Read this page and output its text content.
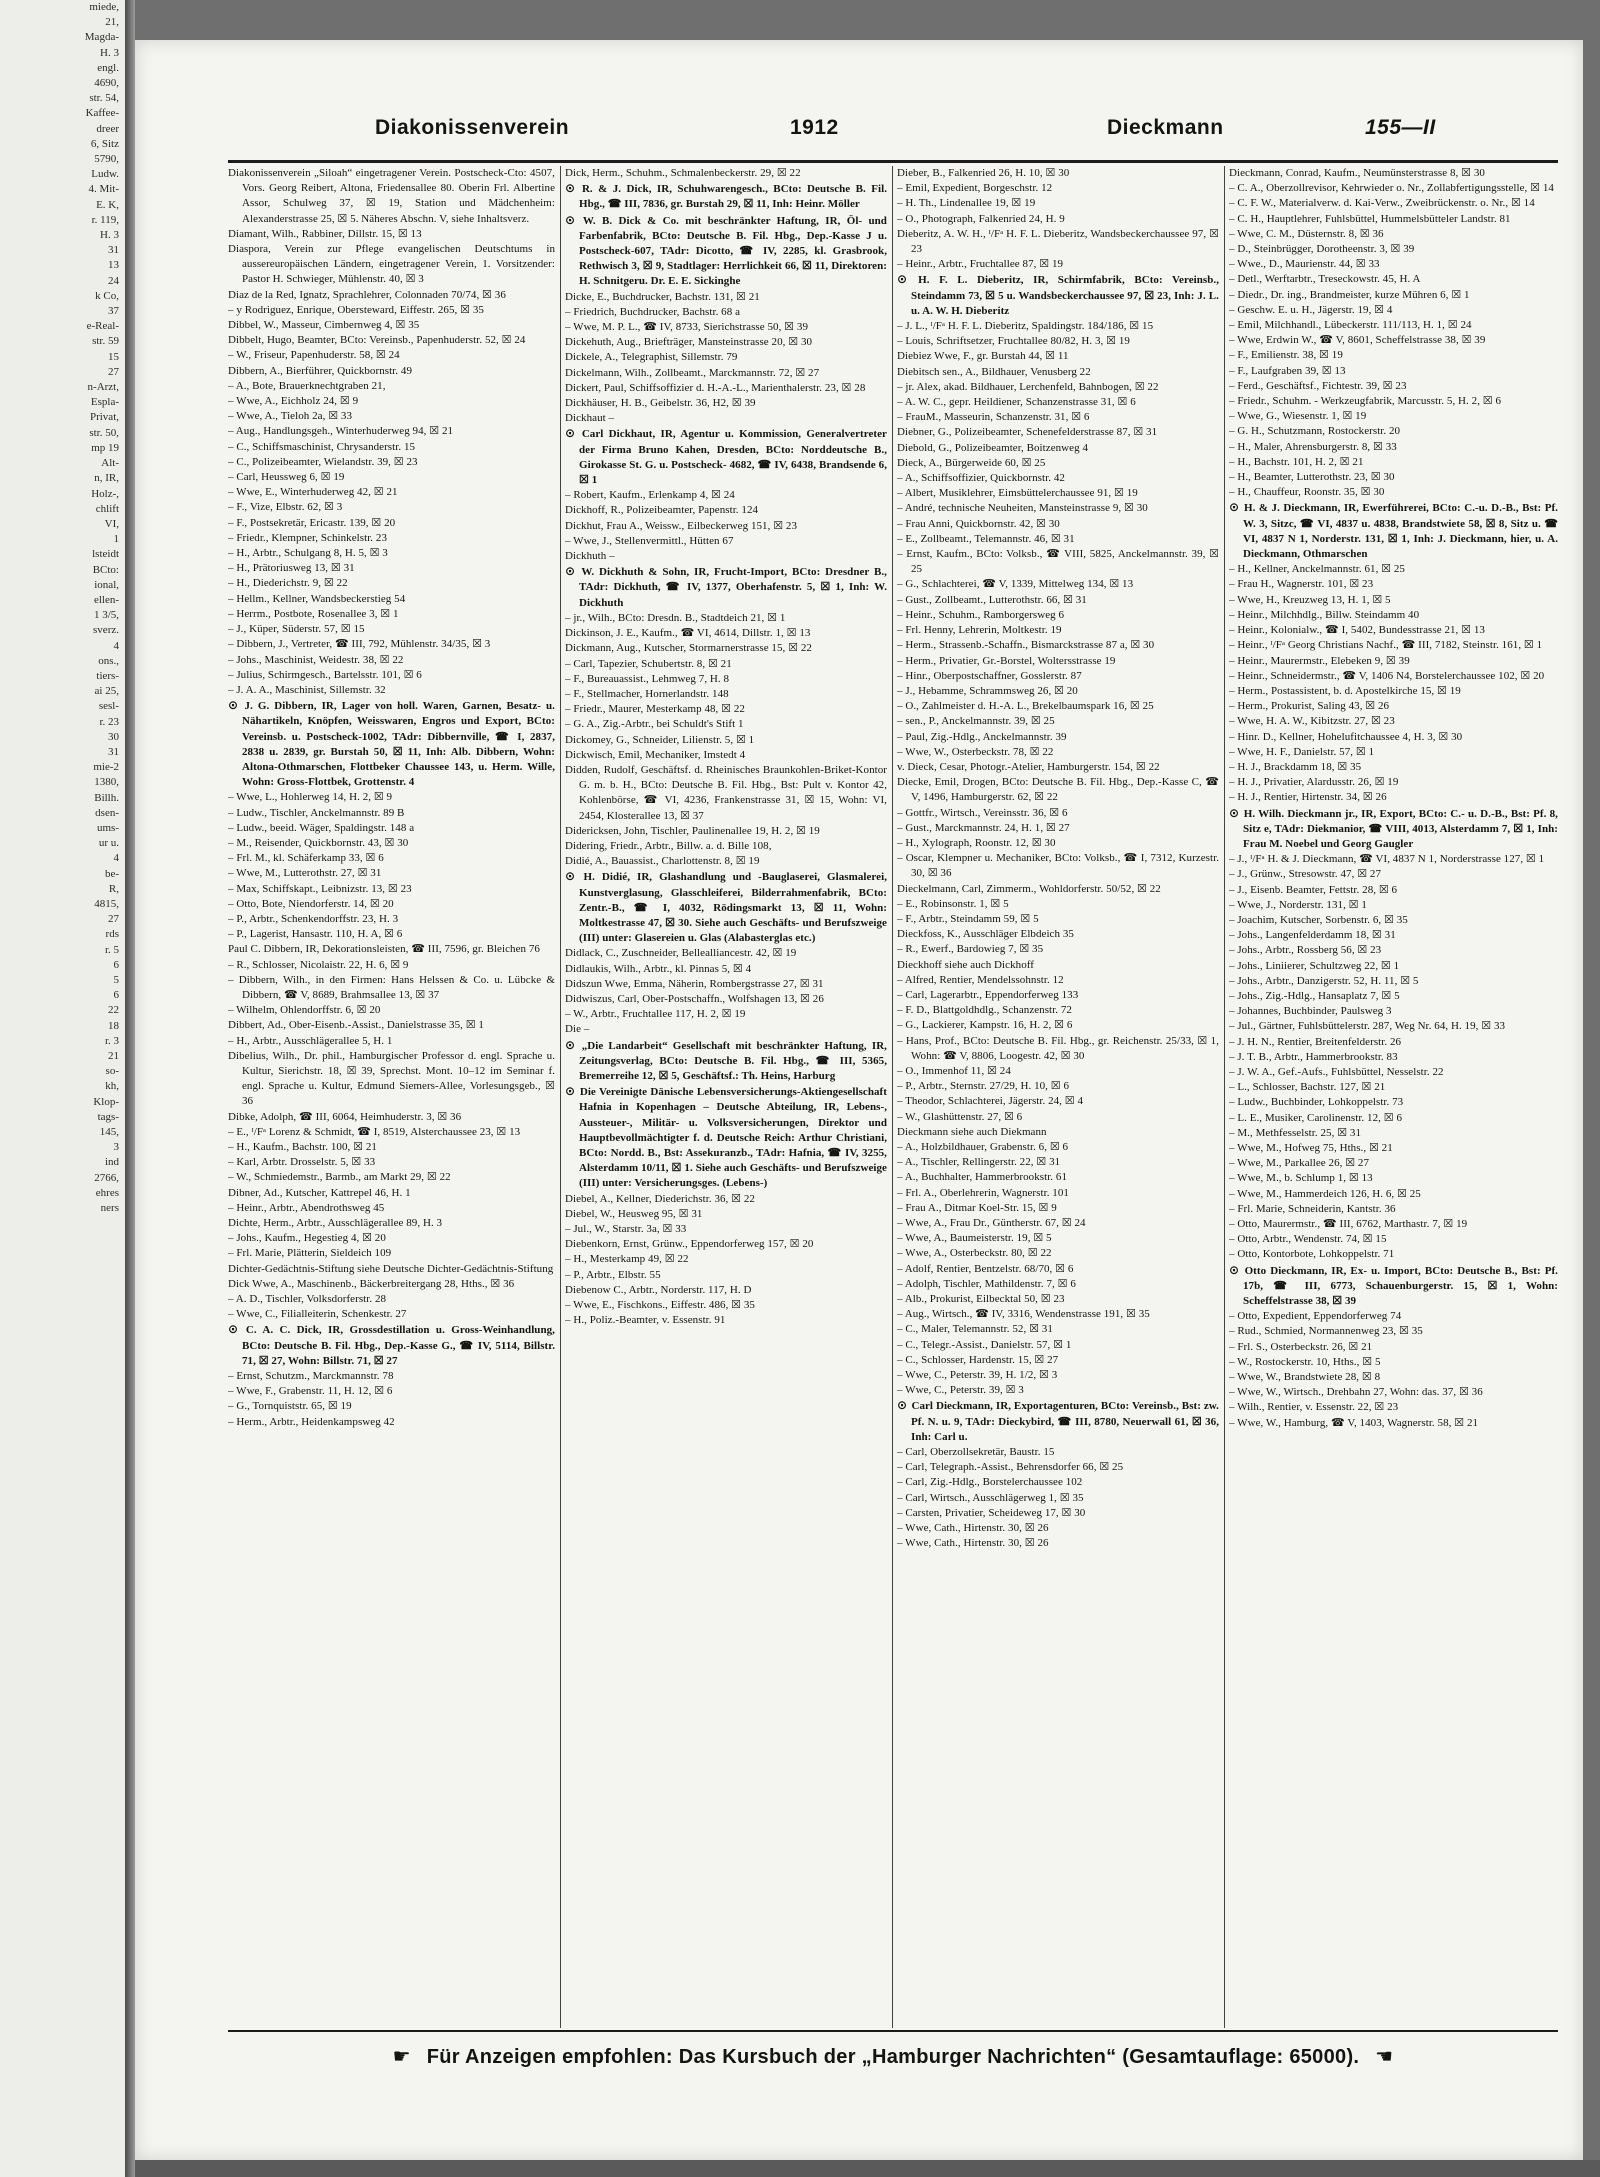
miede,
21,
Magda-
H. 3
engl.
4690,
str. 54,
Kaffee-
dreer
6, Sitz
5790,
Ludw.
4. Mit-
E. K,
r. 119,
H. 3
31
13
24
k Co,
37
e-Real-
str. 59
15
27
n-Arzt,
Espla-
Privat,
str. 50,
mp 19
Alt-
n, IR,
Holz-,
chlift
VI,
1
lsteidt
BCto:
ional,
ellen-
1 3/5,
sverz.
4
ons.,
tiers-
ai 25,
sesl-
r. 23
30
31
mie-2
1380,
Billh.
dsen-
ums-
ur u.
4
be-
R,
4815,
27
rds
r. 5
6
5
6
22
18
r. 3
21
so-
kh,
Klop-
tags-
145,
3
ind
2766,
ehres
ners
Diakonissenverein	1912	Dieckmann	155—II

Diakonissenverein „Siloah“ eingetragener Verein. Postscheck-Cto: 4507, Vors. Georg Reibert, Altona, Friedensallee 80. Oberin Frl. Albertine Assor, Schulweg 37, ☒ 19, Station und Mädchenheim: Alexanderstrasse 25, ☒ 5. Näheres Abschn. V, siehe Inhaltsverz.

Diamant, Wilh., Rabbiner, Dillstr. 15, ☒ 13

Diaspora, Verein zur Pflege evangelischen Deutschtums in aussereuropäischen Ländern, eingetragener Verein, 1. Vorsitzender: Pastor H. Schwieger, Mühlenstr. 40, ☒ 3

Diaz de la Red, Ignatz, Sprachlehrer, Colonnaden 70/74, ☒ 36

– y Rodriguez, Enrique, Obersteward, Eiffestr. 265, ☒ 35

Dibbel, W., Masseur, Cimbernweg 4, ☒ 35

Dibbelt, Hugo, Beamter, BCto: Vereinsb., Papenhuderstr. 52, ☒ 24

– W., Friseur, Papenhuderstr. 58, ☒ 24

Dibbern, A., Bierführer, Quickbornstr. 49

– A., Bote, Brauerknechtgraben 21,

– Wwe, A., Eichholz 24, ☒ 9

– Wwe, A., Tieloh 2a, ☒ 33

– Aug., Handlungsgeh., Winterhuderweg 94, ☒ 21

– C., Schiffsmaschinist, Chrysanderstr. 15

– C., Polizeibeamter, Wielandstr. 39, ☒ 23

– Carl, Heussweg 6, ☒ 19

– Wwe, E., Winterhuderweg 42, ☒ 21

– F., Vize, Elbstr. 62, ☒ 3

– F., Postsekretär, Ericastr. 139, ☒ 20

– Friedr., Klempner, Schinkelstr. 23

– H., Arbtr., Schulgang 8, H. 5, ☒ 3

– H., Prätoriusweg 13, ☒ 31

– H., Diederichstr. 9, ☒ 22

– Hellm., Kellner, Wandsbeckerstieg 54

– Herrm., Postbote, Rosenallee 3, ☒ 1

– J., Küper, Süderstr. 57, ☒ 15

– Dibbern, J., Vertreter, ☎ III, 792, Mühlenstr. 34/35, ☒ 3

– Johs., Maschinist, Weidestr. 38, ☒ 22

– Julius, Schirmgesch., Bartelsstr. 101, ☒ 6

– J. A. A., Maschinist, Sillemstr. 32

⊙ J. G. Dibbern, IR, Lager von holl. Waren, Garnen, Besatz- u. Nähartikeln, Knöpfen, Weisswaren, Engros und Export, BCto: Vereinsb. u. Postscheck-1002, TAdr: Dibbernville, ☎ I, 2837, 2838 u. 2839, gr. Burstah 50, ☒ 11, Inh: Alb. Dibbern, Wohn: Altona-Othmarschen, Flottbeker Chaussee 143, u. Herm. Wille, Wohn: Gross-Flottbek, Grottenstr. 4

– Wwe, L., Hohlerweg 14, H. 2, ☒ 9

– Ludw., Tischler, Anckelmannstr. 89 B

– Ludw., beeid. Wäger, Spaldingstr. 148 a

– M., Reisender, Quickbornstr. 43, ☒ 30

– Frl. M., kl. Schäferkamp 33, ☒ 6

– Wwe, M., Lutterothstr. 27, ☒ 31

– Max, Schiffskapt., Leibnizstr. 13, ☒ 23

– Otto, Bote, Niendorferstr. 14, ☒ 20

– P., Arbtr., Schenkendorffstr. 23, H. 3

– P., Lagerist, Hansastr. 110, H. A, ☒ 6

Paul C. Dibbern, IR, Dekorationsleisten, ☎ III, 7596, gr. Bleichen 76

– R., Schlosser, Nicolaistr. 22, H. 6, ☒ 9

– Dibbern, Wilh., in den Firmen: Hans Helssen & Co. u. Lübcke & Dibbern, ☎ V, 8689, Brahmsallee 13, ☒ 37

– Wilhelm, Ohlendorffstr. 6, ☒ 20

Dibbert, Ad., Ober-Eisenb.-Assist., Danielstrasse 35, ☒ 1

– H., Arbtr., Ausschlägerallee 5, H. 1

Dibelius, Wilh., Dr. phil., Hamburgischer Professor d. engl. Sprache u. Kultur, Sierichstr. 18, ☒ 39, Sprechst. Mont. 10–12 im Seminar f. engl. Sprache u. Kultur, Edmund Siemers-Allee, Vorlesungsgeb., ☒ 36

Dibke, Adolph, ☎ III, 6064, Heimhuderstr. 3, ☒ 36

– E., ᴵ/Fᵃ Lorenz & Schmidt, ☎ I, 8519, Alsterchaussee 23, ☒ 13

– H., Kaufm., Bachstr. 100, ☒ 21

– Karl, Arbtr. Drosselstr. 5, ☒ 33

– W., Schmiedemstr., Barmb., am Markt 29, ☒ 22

Dibner, Ad., Kutscher, Kattrepel 46, H. 1

– Heinr., Arbtr., Abendrothsweg 45

Dichte, Herm., Arbtr., Ausschlägerallee 89, H. 3

– Johs., Kaufm., Hegestieg 4, ☒ 20

– Frl. Marie, Plätterin, Sieldeich 109

Dichter-Gedächtnis-Stiftung siehe Deutsche Dichter-Gedächtnis-Stiftung

Dick Wwe, A., Maschinenb., Bäckerbreitergang 28, Hths., ☒ 36

– A. D., Tischler, Volksdorferstr. 28

– Wwe, C., Filialleiterin, Schenkestr. 27

⊙ C. A. C. Dick, IR, Grossdestillation u. Gross-Weinhandlung, BCto: Deutsche B. Fil. Hbg., Dep.-Kasse G., ☎ IV, 5114, Billstr. 71, ☒ 27, Wohn: Billstr. 71, ☒ 27

– Ernst, Schutzm., Marckmannstr. 78

– Wwe, F., Grabenstr. 11, H. 12, ☒ 6

– G., Tornquiststr. 65, ☒ 19

– Herm., Arbtr., Heidenkampsweg 42

Dick, Herm., Schuhm., Schmalenbeckerstr. 29, ☒ 22

⊙ R. & J. Dick, IR, Schuhwarengesch., BCto: Deutsche B. Fil. Hbg., ☎ III, 7836, gr. Burstah 29, ☒ 11, Inh: Heinr. Möller

⊙ W. B. Dick & Co. mit beschränkter Haftung, IR, Öl- und Farbenfabrik, BCto: Deutsche B. Fil. Hbg., Dep.-Kasse J u. Postscheck-607, TAdr: Dicotto, ☎ IV, 2285, kl. Grasbrook, Rethwisch 3, ☒ 9, Stadtlager: Herrlichkeit 66, ☒ 11, Direktoren: H. Schnitgeru. Dr. E. E. Sickinghe

Dicke, E., Buchdrucker, Bachstr. 131, ☒ 21

– Friedrich, Buchdrucker, Bachstr. 68 a

– Wwe, M. P. L., ☎ IV, 8733, Sierichstrasse 50, ☒ 39

Dickehuth, Aug., Briefträger, Mansteinstrasse 20, ☒ 30

Dickele, A., Telegraphist, Sillemstr. 79

Dickelmann, Wilh., Zollbeamt., Marckmannstr. 72, ☒ 27

Dickert, Paul, Schiffsoffizier d. H.-A.-L., Marienthalerstr. 23, ☒ 28

Dickhäuser, H. B., Geibelstr. 36, H2, ☒ 39

Dickhaut –

⊙ Carl Dickhaut, IR, Agentur u. Kommission, Generalvertreter der Firma Bruno Kahen, Dresden, BCto: Norddeutsche B., Girokasse St. G. u. Postscheck- 4682, ☎ IV, 6438, Brandsende 6, ☒ 1

– Robert, Kaufm., Erlenkamp 4, ☒ 24

Dickhoff, R., Polizeibeamter, Papenstr. 124

Dickhut, Frau A., Weissw., Eilbeckerweg 151, ☒ 23

– Wwe, J., Stellenvermittl., Hütten 67

Dickhuth –

⊙ W. Dickhuth & Sohn, IR, Frucht-Import, BCto: Dresdner B., TAdr: Dickhuth, ☎ IV, 1377, Oberhafenstr. 5, ☒ 1, Inh: W. Dickhuth

– jr., Wilh., BCto: Dresdn. B., Stadtdeich 21, ☒ 1

Dickinson, J. E., Kaufm., ☎ VI, 4614, Dillstr. 1, ☒ 13

Dickmann, Aug., Kutscher, Stormarnerstrasse 15, ☒ 22

– Carl, Tapezier, Schubertstr. 8, ☒ 21

– F., Bureauassist., Lehmweg 7, H. 8

– F., Stellmacher, Hornerlandstr. 148

– Friedr., Maurer, Mesterkamp 48, ☒ 22

– G. A., Zig.-Arbtr., bei Schuldt's Stift 1

Dickomey, G., Schneider, Lilienstr. 5, ☒ 1

Dickwisch, Emil, Mechaniker, Imstedt 4

Didden, Rudolf, Geschäftsf. d. Rheinisches Braunkohlen-Briket-Kontor G. m. b. H., BCto: Deutsche B. Fil. Hbg., Bst: Pult v. Kontor 42, Kohlenbörse, ☎ VI, 4236, Frankenstrasse 31, ☒ 15, Wohn: VI, 2454, Klosterallee 13, ☒ 37

Didericksen, John, Tischler, Paulinenallee 19, H. 2, ☒ 19

Didering, Friedr., Arbtr., Billw. a. d. Bille 108,

Didié, A., Bauassist., Charlottenstr. 8, ☒ 19

⊙ H. Didié, IR, Glashandlung und -Bauglaserei, Glasmalerei, Kunstverglasung, Glasschleiferei, Bilderrahmenfabrik, BCto: Zentr.-B., ☎ I, 4032, Rödingsmarkt 13, ☒ 11, Wohn: Moltkestrasse 47, ☒ 30. Siehe auch Geschäfts- und Berufszweige (III) unter: Glasereien u. Glas (Alabasterglas etc.)

Didlack, C., Zuschneider, Bellealliancestr. 42, ☒ 19

Didlaukis, Wilh., Arbtr., kl. Pinnas 5, ☒ 4

Didszun Wwe, Emma, Näherin, Rombergstrasse 27, ☒ 31

Didwiszus, Carl, Ober-Postschaffn., Wolfshagen 13, ☒ 26

– W., Arbtr., Fruchtallee 117, H. 2, ☒ 19

Die –

⊙ „Die Landarbeit“ Gesellschaft mit beschränkter Haftung, IR, Zeitungsverlag, BCto: Deutsche B. Fil. Hbg., ☎ III, 5365, Bremerreihe 12, ☒ 5, Geschäftsf.: Th. Heins, Harburg

⊙ Die Vereinigte Dänische Lebensversicherungs-Aktiengesellschaft Hafnia in Kopenhagen – Deutsche Abteilung, IR, Lebens-, Aussteuer-, Militär- u. Volksversicherungen, Direktor und Hauptbevollmächtigter f. d. Deutsche Reich: Arthur Christiani, BCto: Nordd. B., Bst: Assekuranzb., TAdr: Hafnia, ☎ IV, 3255, Alsterdamm 10/11, ☒ 1. Siehe auch Geschäfts- und Berufszweige (III) unter: Versicherungsges. (Lebens-)

Diebel, A., Kellner, Diederichstr. 36, ☒ 22

Diebel, W., Heusweg 95, ☒ 31

– Jul., W., Starstr. 3a, ☒ 33

Diebenkorn, Ernst, Grünw., Eppendorferweg 157, ☒ 20

– H., Mesterkamp 49, ☒ 22

– P., Arbtr., Elbstr. 55

Diebenow C., Arbtr., Norderstr. 117, H. D

– Wwe, E., Fischkons., Eiffestr. 486, ☒ 35

– H., Poliz.-Beamter, v. Essenstr. 91

Dieber, B., Falkenried 26, H. 10, ☒ 30

– Emil, Expedient, Borgeschstr. 12

– H. Th., Lindenallee 19, ☒ 19

– O., Photograph, Falkenried 24, H. 9

Dieberitz, A. W. H., ᴵ/Fᵃ H. F. L. Dieberitz, Wandsbeckerchaussee 97, ☒ 23

– Heinr., Arbtr., Fruchtallee 87, ☒ 19

⊙ H. F. L. Dieberitz, IR, Schirmfabrik, BCto: Vereinsb., Steindamm 73, ☒ 5 u. Wandsbeckerchaussee 97, ☒ 23, Inh: J. L. u. A. W. H. Dieberitz

– J. L., ᴵ/Fᵃ H. F. L. Dieberitz, Spaldingstr. 184/186, ☒ 15

– Louis, Schriftsetzer, Fruchtallee 80/82, H. 3, ☒ 19

Diebiez Wwe, F., gr. Burstah 44, ☒ 11

Diebitsch sen., A., Bildhauer, Venusberg 22

– jr. Alex, akad. Bildhauer, Lerchenfeld, Bahnbogen, ☒ 22

– A. W. C., gepr. Heildiener, Schanzenstrasse 31, ☒ 6

– FrauM., Masseurin, Schanzenstr. 31, ☒ 6

Diebner, G., Polizeibeamter, Schenefelderstrasse 87, ☒ 31

Diebold, G., Polizeibeamter, Boitzenweg 4

Dieck, A., Bürgerweide 60, ☒ 25

– A., Schiffsoffizier, Quickbornstr. 42

– Albert, Musiklehrer, Eimsbüttelerchaussee 91, ☒ 19

– André, technische Neuheiten, Mansteinstrasse 9, ☒ 30

– Frau Anni, Quickbornstr. 42, ☒ 30

– E., Zollbeamt., Telemannstr. 46, ☒ 31

– Ernst, Kaufm., BCto: Volksb., ☎ VIII, 5825, Anckelmannstr. 39, ☒ 25

– G., Schlachterei, ☎ V, 1339, Mittelweg 134, ☒ 13

– Gust., Zollbeamt., Lutterothstr. 66, ☒ 31

– Heinr., Schuhm., Ramborgersweg 6

– Frl. Henny, Lehrerin, Moltkestr. 19

– Herm., Strassenb.-Schaffn., Bismarckstrasse 87 a, ☒ 30

– Herm., Privatier, Gr.-Borstel, Woltersstrasse 19

– Hinr., Oberpostschaffner, Gosslerstr. 87

– J., Hebamme, Schrammsweg 26, ☒ 20

– O., Zahlmeister d. H.-A. L., Brekelbaumspark 16, ☒ 25

– sen., P., Anckelmannstr. 39, ☒ 25

– Paul, Zig.-Hdlg., Anckelmannstr. 39

– Wwe, W., Osterbeckstr. 78, ☒ 22

v. Dieck, Cesar, Photogr.-Atelier, Hamburgerstr. 154, ☒ 22

Diecke, Emil, Drogen, BCto: Deutsche B. Fil. Hbg., Dep.-Kasse C, ☎ V, 1496, Hamburgerstr. 62, ☒ 22

– Gottfr., Wirtsch., Vereinsstr. 36, ☒ 6

– Gust., Marckmannstr. 24, H. 1, ☒ 27

– H., Xylograph, Roonstr. 12, ☒ 30

– Oscar, Klempner u. Mechaniker, BCto: Volksb., ☎ I, 7312, Kurzestr. 30, ☒ 36

Dieckelmann, Carl, Zimmerm., Wohldorferstr. 50/52, ☒ 22

– E., Robinsonstr. 1, ☒ 5

– F., Arbtr., Steindamm 59, ☒ 5

Dieckfoss, K., Ausschläger Elbdeich 35

– R., Ewerf., Bardowieg 7, ☒ 35

Dieckhoff siehe auch Dickhoff

– Alfred, Rentier, Mendelssohnstr. 12

– Carl, Lagerarbtr., Eppendorferweg 133

– F. D., Blattgoldhdlg., Schanzenstr. 72

– G., Lackierer, Kampstr. 16, H. 2, ☒ 6

– Hans, Prof., BCto: Deutsche B. Fil. Hbg., gr. Reichenstr. 25/33, ☒ 1, Wohn: ☎ V, 8806, Loogestr. 42, ☒ 30

– O., Immenhof 11, ☒ 24

– P., Arbtr., Sternstr. 27/29, H. 10, ☒ 6

– Theodor, Schlachterei, Jägerstr. 24, ☒ 4

– W., Glashüttenstr. 27, ☒ 6

Dieckmann siehe auch Diekmann

– A., Holzbildhauer, Grabenstr. 6, ☒ 6

– A., Tischler, Rellingerstr. 22, ☒ 31

– A., Buchhalter, Hammerbrookstr. 61

– Frl. A., Oberlehrerin, Wagnerstr. 101

– Frau A., Ditmar Koel-Str. 15, ☒ 9

– Wwe, A., Frau Dr., Güntherstr. 67, ☒ 24

– Wwe, A., Baumeisterstr. 19, ☒ 5

– Wwe, A., Osterbeckstr. 80, ☒ 22

– Adolf, Rentier, Bentzelstr. 68/70, ☒ 6

– Adolph, Tischler, Mathildenstr. 7, ☒ 6

– Alb., Prokurist, Eilbecktal 50, ☒ 23

– Aug., Wirtsch., ☎ IV, 3316, Wendenstrasse 191, ☒ 35

– C., Maler, Telemannstr. 52, ☒ 31

– C., Telegr.-Assist., Danielstr. 57, ☒ 1

– C., Schlosser, Hardenstr. 15, ☒ 27

– Wwe, C., Peterstr. 39, H. 1/2, ☒ 3

– Wwe, C., Peterstr. 39, ☒ 3

⊙ Carl Dieckmann, IR, Exportagenturen, BCto: Vereinsb., Bst: zw. Pf. N. u. 9, TAdr: Dieckybird, ☎ III, 8780, Neuerwall 61, ☒ 36, Inh: Carl u.

– Carl, Oberzollsekretär, Baustr. 15

– Carl, Telegraph.-Assist., Behrensdorfer 66, ☒ 25

– Carl, Zig.-Hdlg., Borstelerchaussee 102

– Carl, Wirtsch., Ausschlägerweg 1, ☒ 35

– Carsten, Privatier, Scheideweg 17, ☒ 30

– Wwe, Cath., Hirtenstr. 30, ☒ 26

– Wwe, Cath., Hirtenstr. 30, ☒ 26

Dieckmann, Conrad, Kaufm., Neumünsterstrasse 8, ☒ 30

– C. A., Oberzollrevisor, Kehrwieder o. Nr., Zollabfertigungsstelle, ☒ 14

– C. F. W., Materialverw. d. Kai-Verw., Zweibrückenstr. o. Nr., ☒ 14

– C. H., Hauptlehrer, Fuhlsbüttel, Hummelsbütteler Landstr. 81

– Wwe, C. M., Düsternstr. 8, ☒ 36

– D., Steinbrügger, Dorotheenstr. 3, ☒ 39

– Wwe., D., Maurienstr. 44, ☒ 33

– Detl., Werftarbtr., Treseckowstr. 45, H. A

– Diedr., Dr. ing., Brandmeister, kurze Mühren 6, ☒ 1

– Geschw. E. u. H., Jägerstr. 19, ☒ 4

– Emil, Milchhandl., Lübeckerstr. 111/113, H. 1, ☒ 24

– Wwe, Erdwin W., ☎ V, 8601, Scheffelstrasse 38, ☒ 39

– F., Emilienstr. 38, ☒ 19

– F., Laufgraben 39, ☒ 13

– Ferd., Geschäftsf., Fichtestr. 39, ☒ 23

– Friedr., Schuhm. - Werkzeugfabrik, Marcusstr. 5, H. 2, ☒ 6

– Wwe, G., Wiesenstr. 1, ☒ 19

– G. H., Schutzmann, Rostockerstr. 20

– H., Maler, Ahrensburgerstr. 8, ☒ 33

– H., Bachstr. 101, H. 2, ☒ 21

– H., Beamter, Lutterothstr. 23, ☒ 30

– H., Chauffeur, Roonstr. 35, ☒ 30

⊙ H. & J. Dieckmann, IR, Ewerführerei, BCto: C.-u. D.-B., Bst: Pf. W. 3, Sitzc, ☎ VI, 4837 u. 4838, Brandstwiete 58, ☒ 8, Sitz u. ☎ VI, 4837 N 1, Norderstr. 131, ☒ 1, Inh: J. Dieckmann, hier, u. A. Dieckmann, Othmarschen

– H., Kellner, Anckelmannstr. 61, ☒ 25

– Frau H., Wagnerstr. 101, ☒ 23

– Wwe, H., Kreuzweg 13, H. 1, ☒ 5

– Heinr., Milchhdlg., Billw. Steindamm 40

– Heinr., Kolonialw., ☎ I, 5402, Bundesstrasse 21, ☒ 13

– Heinr., ᴵ/Fᵃ Georg Christians Nachf., ☎ III, 7182, Steinstr. 161, ☒ 1

– Heinr., Maurermstr., Elebeken 9, ☒ 39

– Heinr., Schneidermstr., ☎ V, 1406 N4, Borstelerchaussee 102, ☒ 20

– Herm., Postassistent, b. d. Apostelkirche 15, ☒ 19

– Herm., Prokurist, Saling 43, ☒ 26

– Wwe, H. A. W., Kibitzstr. 27, ☒ 23

– Hinr. D., Kellner, Hohelufitchaussee 4, H. 3, ☒ 30

– Wwe, H. F., Danielstr. 57, ☒ 1

– H. J., Brackdamm 18, ☒ 35

– H. J., Privatier, Alardusstr. 26, ☒ 19

– H. J., Rentier, Hirtenstr. 34, ☒ 26

⊙ H. Wilh. Dieckmann jr., IR, Export, BCto: C.- u. D.-B., Bst: Pf. 8, Sitz e, TAdr: Diekmanior, ☎ VIII, 4013, Alsterdamm 7, ☒ 1, Inh: Frau M. Noebel und Georg Gaugler

– J., ᴵ/Fᵃ H. & J. Dieckmann, ☎ VI, 4837 N 1, Norderstrasse 127, ☒ 1

– J., Grünw., Stresowstr. 47, ☒ 27

– J., Eisenb. Beamter, Fettstr. 28, ☒ 6

– Wwe, J., Norderstr. 131, ☒ 1

– Joachim, Kutscher, Sorbenstr. 6, ☒ 35

– Johs., Langenfelderdamm 18, ☒ 31

– Johs., Arbtr., Rossberg 56, ☒ 23

– Johs., Liniierer, Schultzweg 22, ☒ 1

– Johs., Arbtr., Danzigerstr. 52, H. 11, ☒ 5

– Johs., Zig.-Hdlg., Hansaplatz 7, ☒ 5

– Johannes, Buchbinder, Paulsweg 3

– Jul., Gärtner, Fuhlsbüttelerstr. 287, Weg Nr. 64, H. 19, ☒ 33

– J. H. N., Rentier, Breitenfelderstr. 26

– J. T. B., Arbtr., Hammerbrookstr. 83

– J. W. A., Gef.-Aufs., Fuhlsbüttel, Nesselstr. 22

– L., Schlosser, Bachstr. 127, ☒ 21

– Ludw., Buchbinder, Lohkoppelstr. 73

– L. E., Musiker, Carolinenstr. 12, ☒ 6

– M., Methfesselstr. 25, ☒ 31

– Wwe, M., Hofweg 75, Hths., ☒ 21

– Wwe, M., Parkallee 26, ☒ 27

– Wwe, M., b. Schlump 1, ☒ 13

– Wwe, M., Hammerdeich 126, H. 6, ☒ 25

– Frl. Marie, Schneiderin, Kantstr. 36

– Otto, Maurermstr., ☎ III, 6762, Marthastr. 7, ☒ 19

– Otto, Arbtr., Wendenstr. 74, ☒ 15

– Otto, Kontorbote, Lohkoppelstr. 71

⊙ Otto Dieckmann, IR, Ex- u. Import, BCto: Deutsche B., Bst: Pf. 17b, ☎ III, 6773, Schauenburgerstr. 15, ☒ 1, Wohn: Scheffelstrasse 38, ☒ 39

– Otto, Expedient, Eppendorferweg 74

– Rud., Schmied, Normannenweg 23, ☒ 35

– Frl. S., Osterbeckstr. 26, ☒ 21

– W., Rostockerstr. 10, Hths., ☒ 5

– Wwe, W., Brandstwiete 28, ☒ 8

– Wwe, W., Wirtsch., Drehbahn 27, Wohn: das. 37, ☒ 36

– Wilh., Rentier, v. Essenstr. 22, ☒ 23

– Wwe, W., Hamburg, ☎ V, 1403, Wagnerstr. 58, ☒ 21

☛ Für Anzeigen empfohlen: Das Kursbuch der „Hamburger Nachrichten“ (Gesamtauflage: 65000). ☚
